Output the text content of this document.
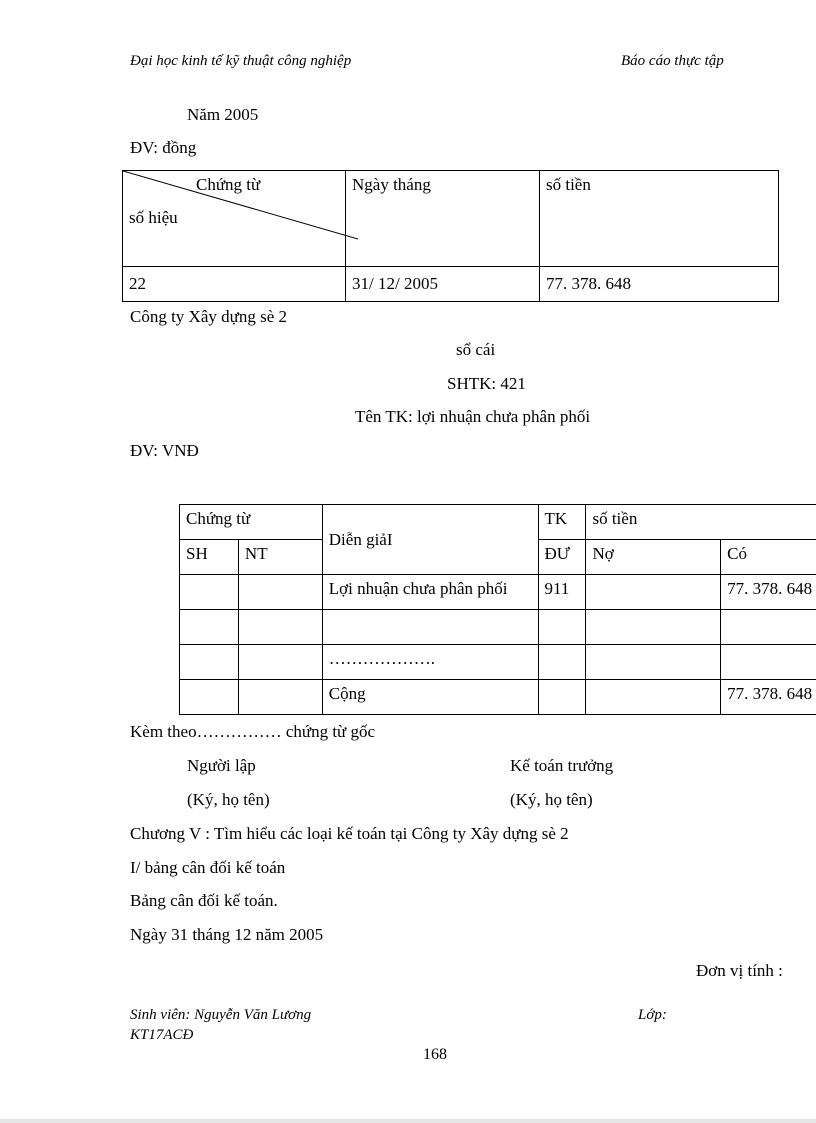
Đại học kinh tế kỹ thuật công nghiệp	Báo cáo thực tập
Năm 2005
ĐV: đồng
Chứng từ
số hiệu	Ngày tháng	số tiền
22	31/ 12/ 2005	77. 378. 648
Công ty Xây dựng sè 2
sổ cái
SHTK: 421
Tên TK: lợi nhuận chưa phân phối
ĐV: VNĐ
Chứng từ		Diễn giảI	TK	số tiền	
SH	NT		ĐƯ	Nợ	Có
		Lợi nhuận chưa phân phối	911		77. 378. 648

		……………….			
		Cộng			77. 378. 648
Kèm theo…………… chứng từ gốc
Người lập	Kế toán trưởng
(Ký, họ tên)	(Ký, họ tên)
Chương V : Tìm hiểu các loại kế toán tại Công ty Xây dựng sè 2
I/ bảng cân đối kế toán
Bảng cân đối kế toán.
Ngày 31 tháng 12 năm 2005
Đơn vị tính :
Sinh viên: Nguyễn Văn Lương	Lớp:
KT17ACĐ
168
